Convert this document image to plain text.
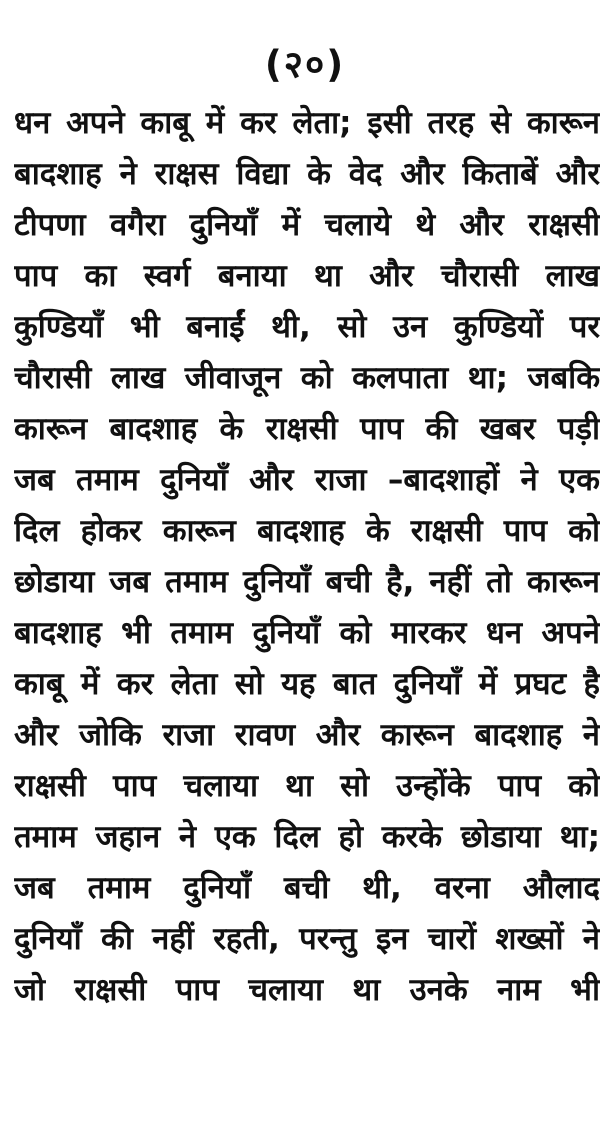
(२०)
धन अपने काबू में कर लेता; इसी तरह से कारून
बादशाह ने राक्षस विद्या के वेद और किताबें और
टीपणा वगैरा दुनियाँ में चलाये थे और राक्षसी
पाप का स्वर्ग बनाया था और चौरासी लाख
कुण्डियाँ भी बनाईं थी, सो उन कुण्डियों पर
चौरासी लाख जीवाजून को कलपाता था; जबकि
कारून बादशाह के राक्षसी पाप की खबर पड़ी
जब तमाम दुनियाँ और राजा –बादशाहों ने एक
दिल होकर कारून बादशाह के राक्षसी पाप को
छोडाया जब तमाम दुनियाँ बची है, नहीं तो कारून
बादशाह भी तमाम दुनियाँ को मारकर धन अपने
काबू में कर लेता सो यह बात दुनियाँ में प्रघट है
और जोकि राजा रावण और कारून बादशाह ने
राक्षसी पाप चलाया था सो उन्होंके पाप को
तमाम जहान ने एक दिल हो करके छोडाया था;
जब तमाम दुनियाँ बची थी, वरना औलाद
दुनियाँ की नहीं रहती, परन्तु इन चारों शख्सों ने
जो राक्षसी पाप चलाया था उनके नाम भी
